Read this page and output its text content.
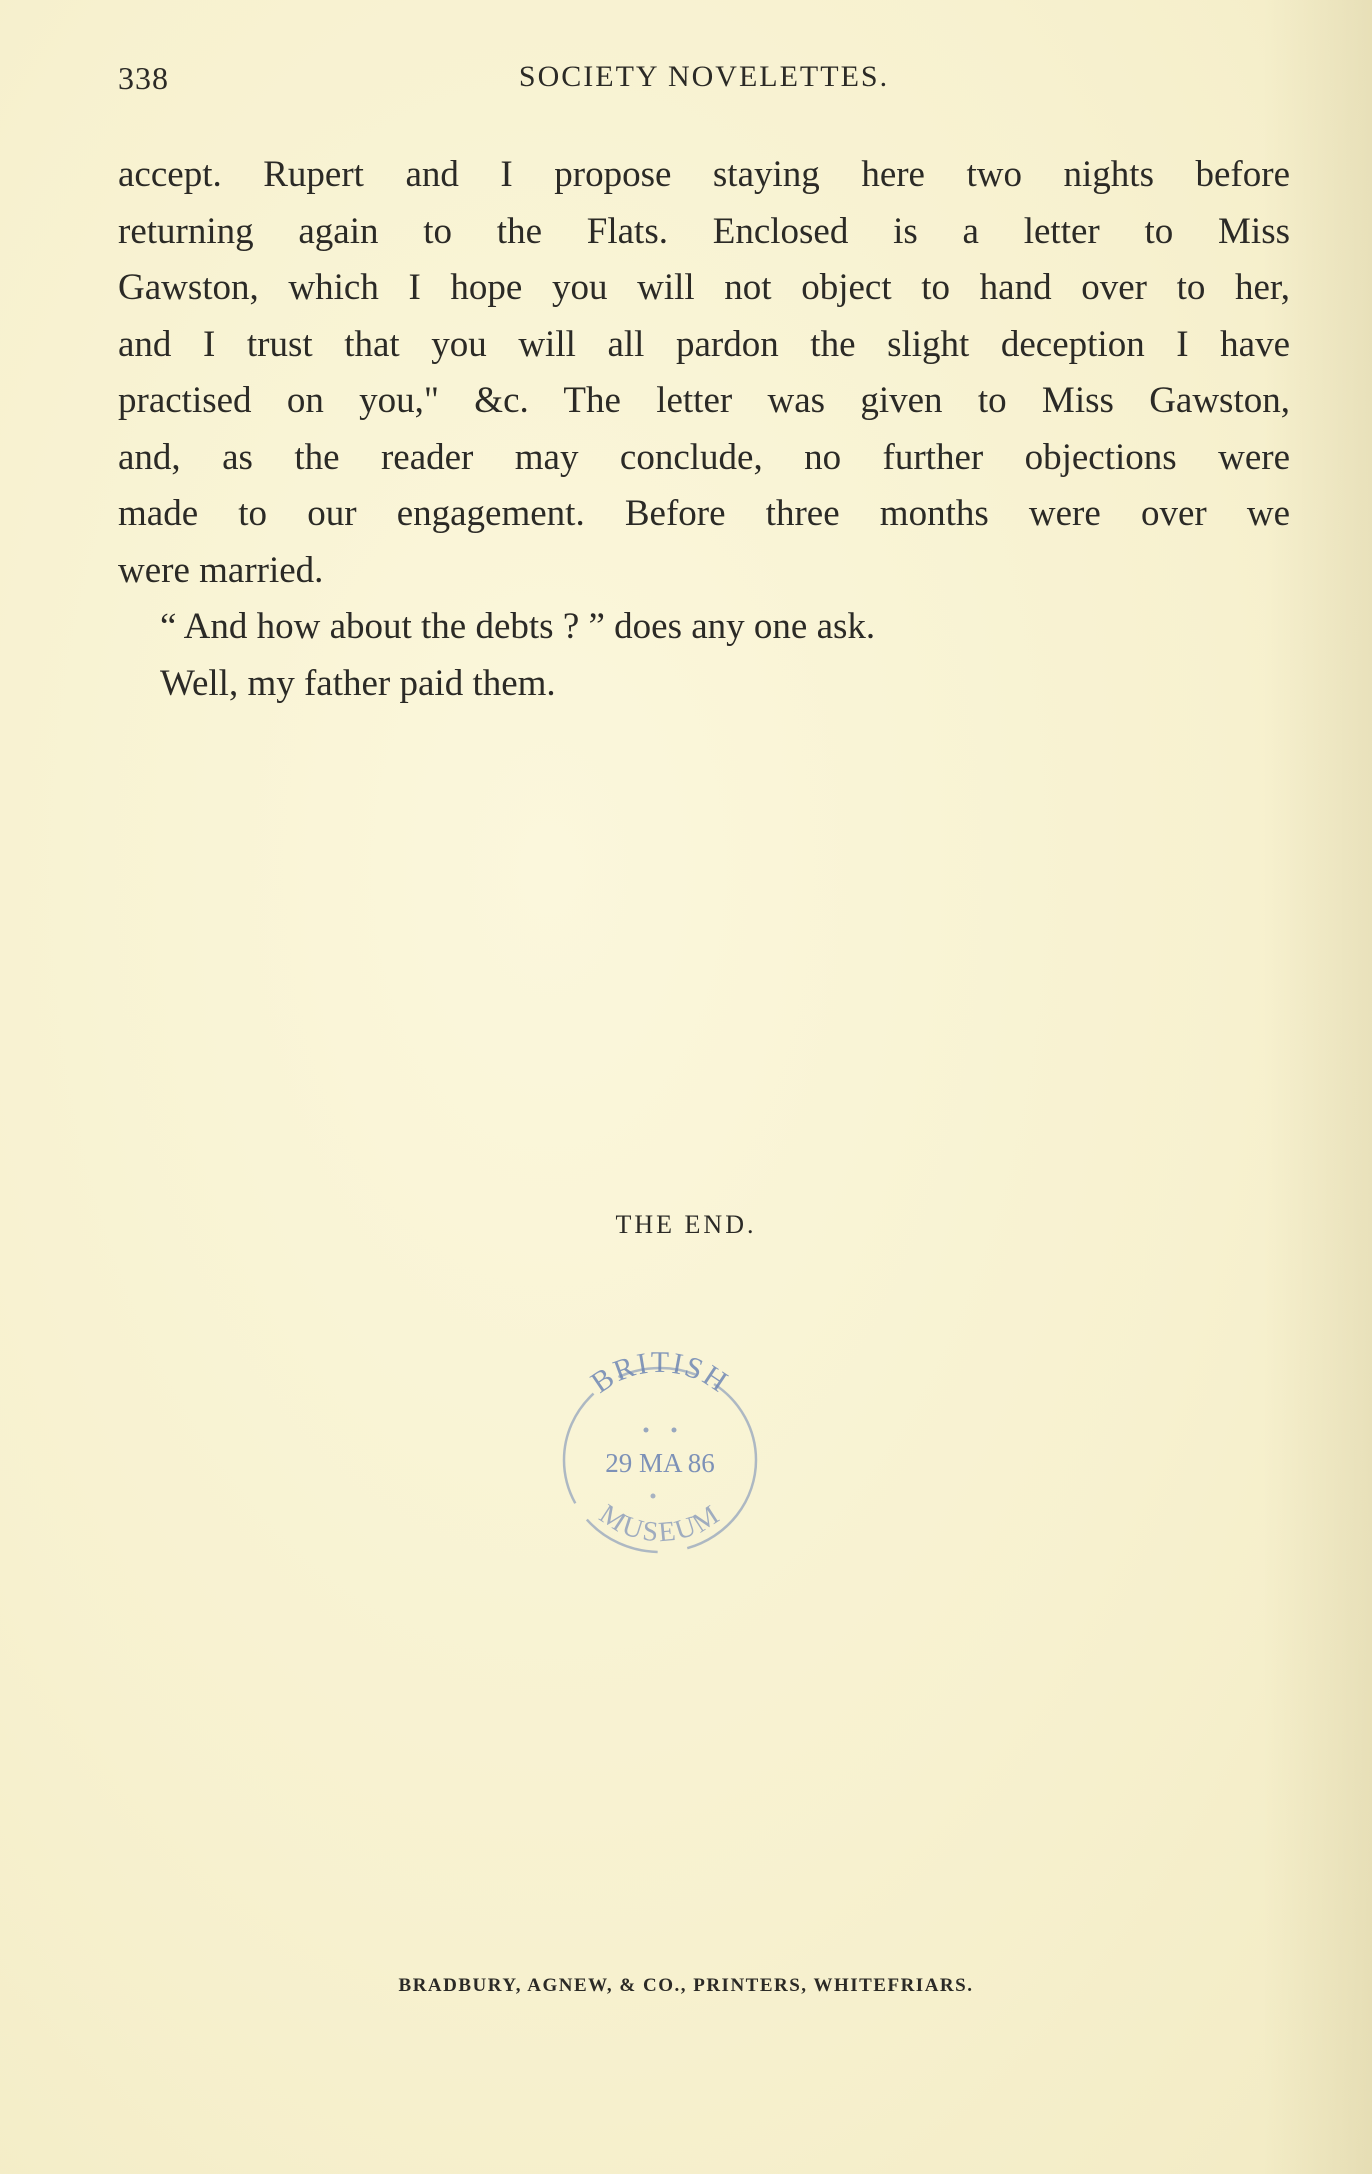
338	SOCIETY NOVELETTES.
accept. Rupert and I propose staying here two nights before
returning again to the Flats. Enclosed is a letter to Miss
Gawston, which I hope you will not object to hand over to her,
and I trust that you will all pardon the slight deception I have
practised on you," &c. The letter was given to Miss Gawston,
and, as the reader may conclude, no further objections were
made to our engagement. Before three months were over we
were married.
“ And how about the debts ? ” does any one ask.
Well, my father paid them.
THE END.
BRITISH
29 MA 86
MUSEUM
BRADBURY, AGNEW, & CO., PRINTERS, WHITEFRIARS.
